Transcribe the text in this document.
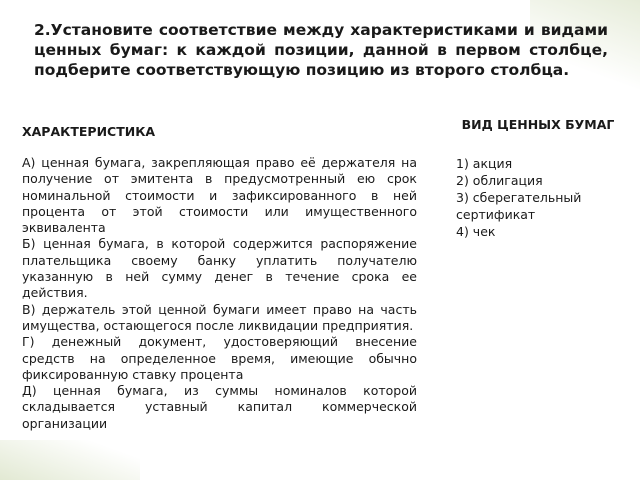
2.Установите соответствие между характеристиками и видами ценных бумаг: к каждой позиции, данной в первом столбце, подберите соответствующую позицию из второго столбца.
ХАРАКТЕРИСТИКА	ВИД ЦЕННЫХ БУМАГ
А) ценная бумага, закрепляющая право её держателя на получение от эмитента в предусмотренный ею срок номинальной стоимости и зафиксированного в ней процента от этой стоимости или имущественного эквивалента
Б) ценная бумага, в которой содержится распоряжение плательщика своему банку уплатить получателю указанную в ней сумму денег в течение срока ее действия.
В) держатель этой ценной бумаги имеет право на часть имущества, остающегося после ликвидации предприятия.
Г) денежный документ, удостоверяющий внесение средств на определенное время, имеющие обычно фиксированную ставку процента
Д) ценная бумага, из суммы номиналов которой складывается уставный капитал коммерческой организации
1) акция
2) облигация
3) сберегательный сертификат
4) чек
